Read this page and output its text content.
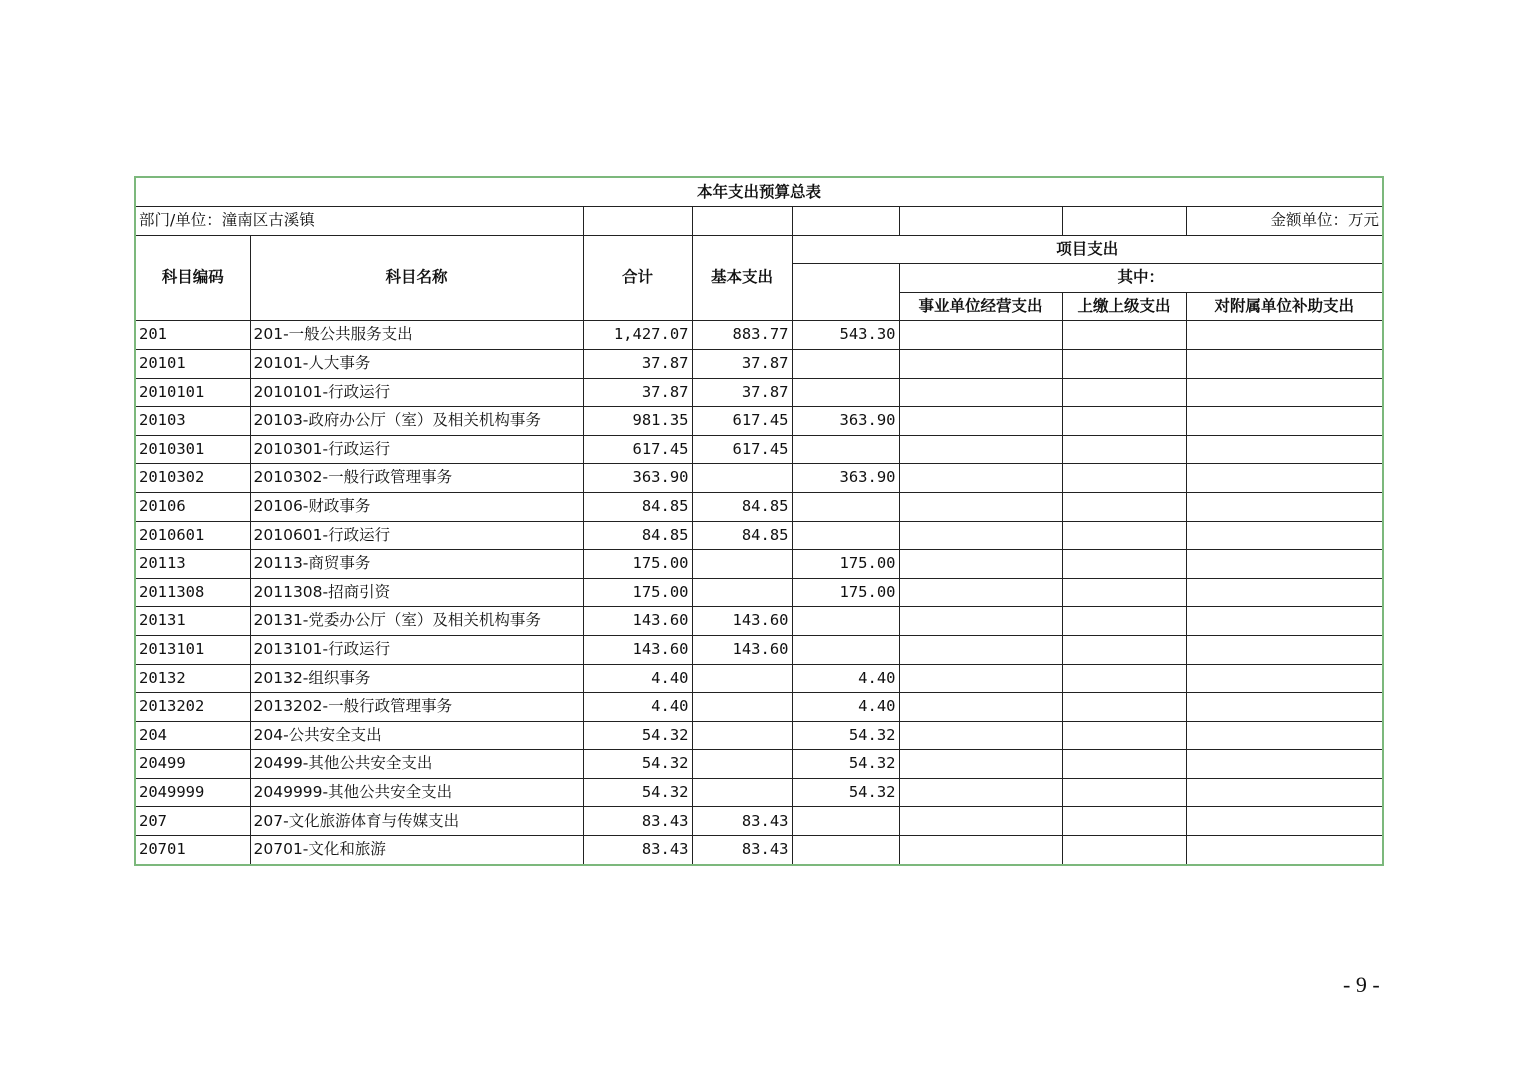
本年支出预算总表							
部门/单位：潼南区古溪镇							金额单位：万元
科目编码	科目名称	合计	基本支出	项目支出			
					其中：		
					事业单位经营支出	上缴上级支出	对附属单位补助支出
201	201-一般公共服务支出	1,427.07	883.77	543.30			
20101	20101-人大事务	37.87	37.87				
2010101	2010101-行政运行	37.87	37.87				
20103	20103-政府办公厅（室）及相关机构事务	981.35	617.45	363.90			
2010301	2010301-行政运行	617.45	617.45				
2010302	2010302-一般行政管理事务	363.90		363.90			
20106	20106-财政事务	84.85	84.85				
2010601	2010601-行政运行	84.85	84.85				
20113	20113-商贸事务	175.00		175.00			
2011308	2011308-招商引资	175.00		175.00			
20131	20131-党委办公厅（室）及相关机构事务	143.60	143.60				
2013101	2013101-行政运行	143.60	143.60				
20132	20132-组织事务	4.40		4.40			
2013202	2013202-一般行政管理事务	4.40		4.40			
204	204-公共安全支出	54.32		54.32			
20499	20499-其他公共安全支出	54.32		54.32			
2049999	2049999-其他公共安全支出	54.32		54.32			
207	207-文化旅游体育与传媒支出	83.43	83.43				
20701	20701-文化和旅游	83.43	83.43				
- 9 -
